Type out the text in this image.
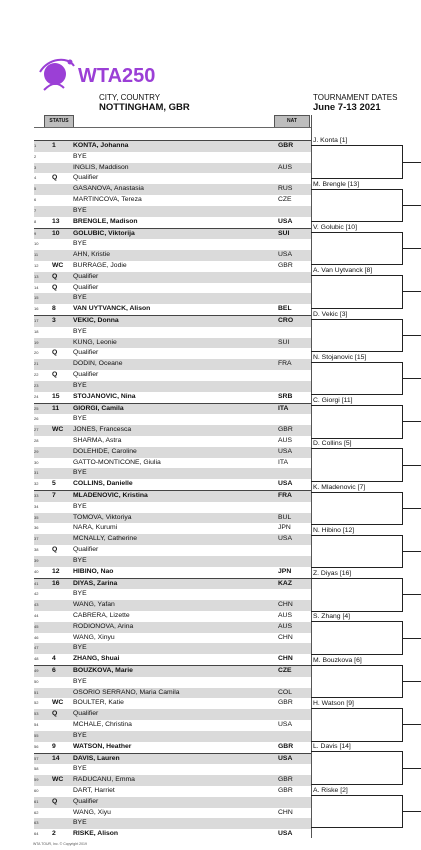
WTA250
CITY, COUNTRY
NOTTINGHAM, GBR
TOURNAMENT DATES
June 7-13 2021
STATUS	NAT
1	1	KONTA, Johanna	GBR
2	BYE
3	INGLIS, Maddison	AUS
4	Q	Qualifier
5	GASANOVA, Anastasia	RUS
6	MARTINCOVA, Tereza	CZE
7	BYE
8	13	BRENGLE, Madison	USA
9	10	GOLUBIC, Viktorija	SUI
10	BYE
11	AHN, Kristie	USA
12	WC	BURRAGE, Jodie	GBR
13	Q	Qualifier
14	Q	Qualifier
15	BYE
16	8	VAN UYTVANCK, Alison	BEL
17	3	VEKIC, Donna	CRO
18	BYE
19	KUNG, Leonie	SUI
20	Q	Qualifier
21	DODIN, Oceane	FRA
22	Q	Qualifier
23	BYE
24	15	STOJANOVIC, Nina	SRB
25	11	GIORGI, Camila	ITA
26	BYE
27	WC	JONES, Francesca	GBR
28	SHARMA, Astra	AUS
29	DOLEHIDE, Caroline	USA
30	GATTO-MONTICONE, Giulia	ITA
31	BYE
32	5	COLLINS, Danielle	USA
33	7	MLADENOVIC, Kristina	FRA
34	BYE
35	TOMOVA, Viktoriya	BUL
36	NARA, Kurumi	JPN
37	MCNALLY, Catherine	USA
38	Q	Qualifier
39	BYE
40	12	HIBINO, Nao	JPN
41	16	DIYAS, Zarina	KAZ
42	BYE
43	WANG, Yafan	CHN
44	CABRERA, Lizette	AUS
45	RODIONOVA, Arina	AUS
46	WANG, Xinyu	CHN
47	BYE
48	4	ZHANG, Shuai	CHN
49	6	BOUZKOVA, Marie	CZE
50	BYE
51	OSORIO SERRANO, Maria Camila	COL
52	WC	BOULTER, Katie	GBR
53	Q	Qualifier
54	MCHALE, Christina	USA
55	BYE
56	9	WATSON, Heather	GBR
57	14	DAVIS, Lauren	USA
58	BYE
59	WC	RADUCANU, Emma	GBR
60	DART, Harriet	GBR
61	Q	Qualifier
62	WANG, Xiyu	CHN
63	BYE
64	2	RISKE, Alison	USA
J. Konta [1]
M. Brengle [13]
V. Golubic [10]
A. Van Uytvanck [8]
D. Vekic [3]
N. Stojanovic [15]
C. Giorgi [11]
D. Collins [5]
K. Mladenovic [7]
N. Hibino [12]
Z. Diyas [16]
S. Zhang [4]
M. Bouzkova [6]
H. Watson [9]
L. Davis [14]
A. Riske [2]
WTA TOUR, Inc. © Copyright 2019
